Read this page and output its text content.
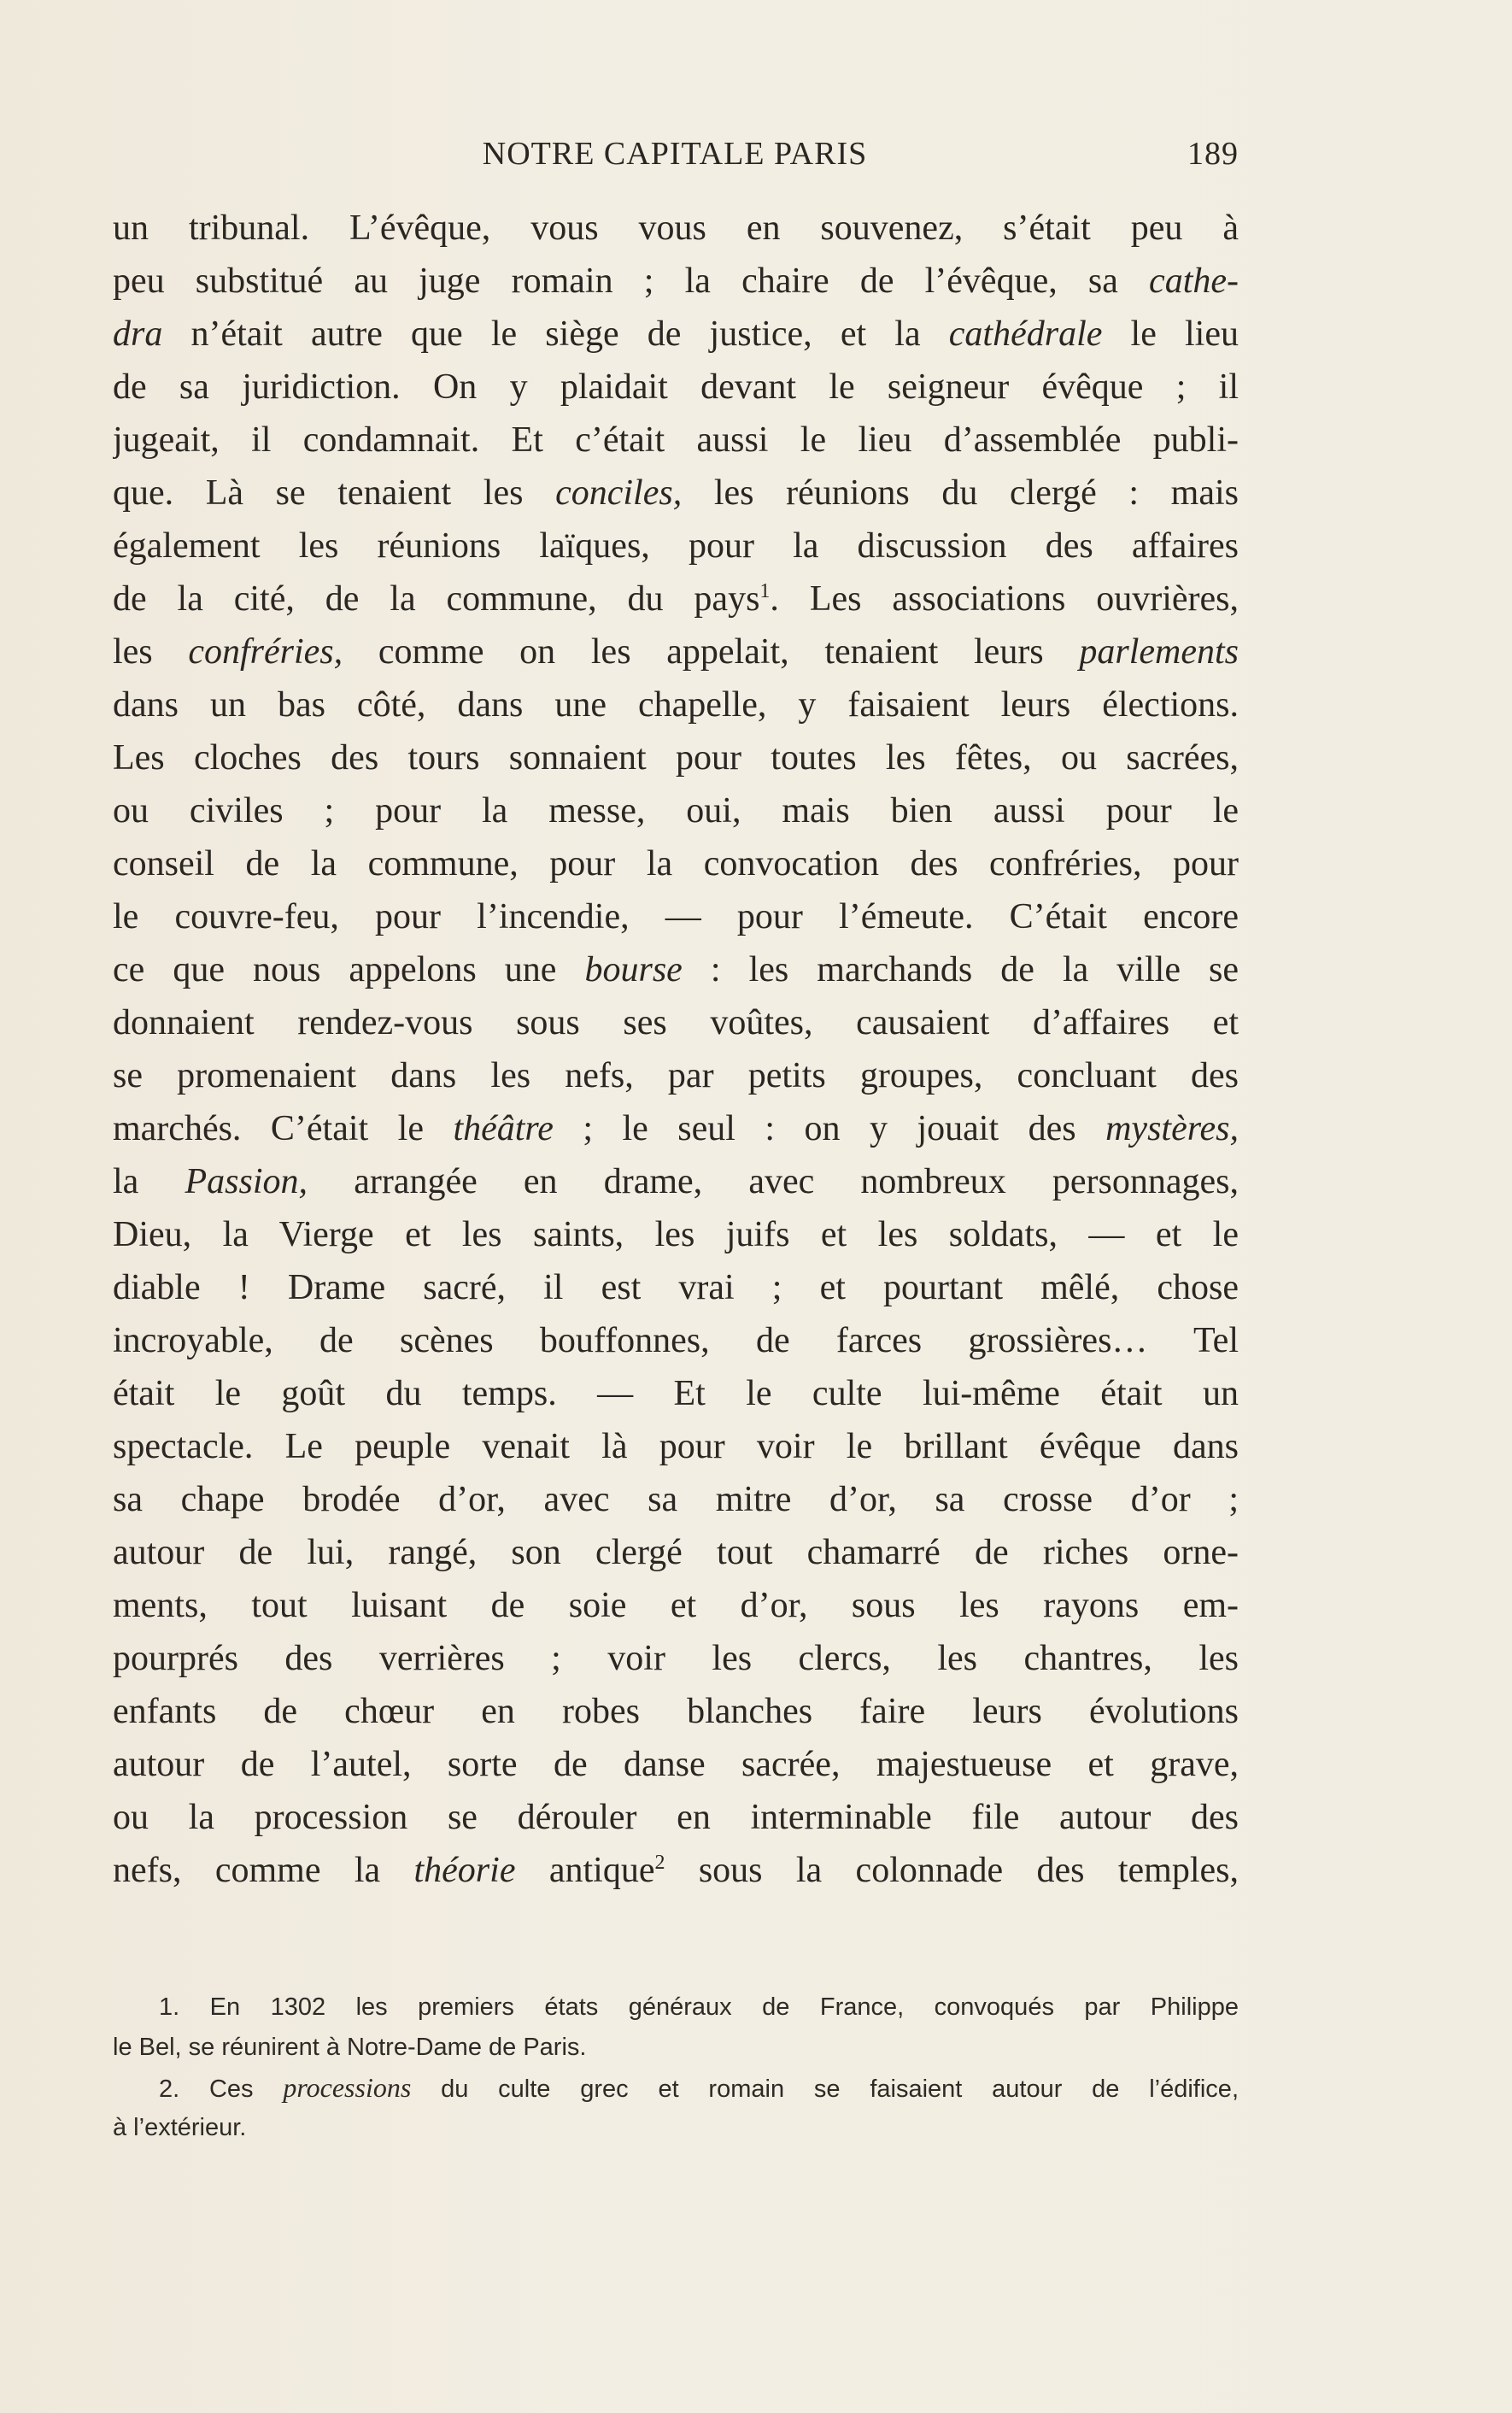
NOTRE CAPITALE PARIS	189
un tribunal. L’évêque, vous vous en souvenez, s’était peu à
peu substitué au juge romain ; la chaire de l’évêque, sa cathe-
dra n’était autre que le siège de justice, et la cathédrale le lieu
de sa juridiction. On y plaidait devant le seigneur évêque ; il
jugeait, il condamnait. Et c’était aussi le lieu d’assemblée publi-
que. Là se tenaient les conciles, les réunions du clergé : mais
également les réunions laïques, pour la discussion des affaires
de la cité, de la commune, du pays$^1$. Les associations ouvrières,
les confréries, comme on les appelait, tenaient leurs parlements
dans un bas côté, dans une chapelle, y faisaient leurs élections.
Les cloches des tours sonnaient pour toutes les fêtes, ou sacrées,
ou civiles ; pour la messe, oui, mais bien aussi pour le
conseil de la commune, pour la convocation des confréries, pour
le couvre-feu, pour l’incendie, — pour l’émeute. C’était encore
ce que nous appelons une bourse : les marchands de la ville se
donnaient rendez-vous sous ses voûtes, causaient d’affaires et
se promenaient dans les nefs, par petits groupes, concluant des
marchés. C’était le théâtre ; le seul : on y jouait des mystères,
la Passion, arrangée en drame, avec nombreux personnages,
Dieu, la Vierge et les saints, les juifs et les soldats, — et le
diable ! Drame sacré, il est vrai ; et pourtant mêlé, chose
incroyable, de scènes bouffonnes, de farces grossières… Tel
était le goût du temps. — Et le culte lui-même était un
spectacle. Le peuple venait là pour voir le brillant évêque dans
sa chape brodée d’or, avec sa mitre d’or, sa crosse d’or ;
autour de lui, rangé, son clergé tout chamarré de riches orne-
ments, tout luisant de soie et d’or, sous les rayons em-
pourprés des verrières ; voir les clercs, les chantres, les
enfants de chœur en robes blanches faire leurs évolutions
autour de l’autel, sorte de danse sacrée, majestueuse et grave,
ou la procession se dérouler en interminable file autour des
nefs, comme la théorie antique$^2$ sous la colonnade des temples,
1. En 1302 les premiers états généraux de France, convoqués par Philippe
le Bel, se réunirent à Notre-Dame de Paris.
2. Ces processions du culte grec et romain se faisaient autour de l’édifice,
à l’extérieur.
